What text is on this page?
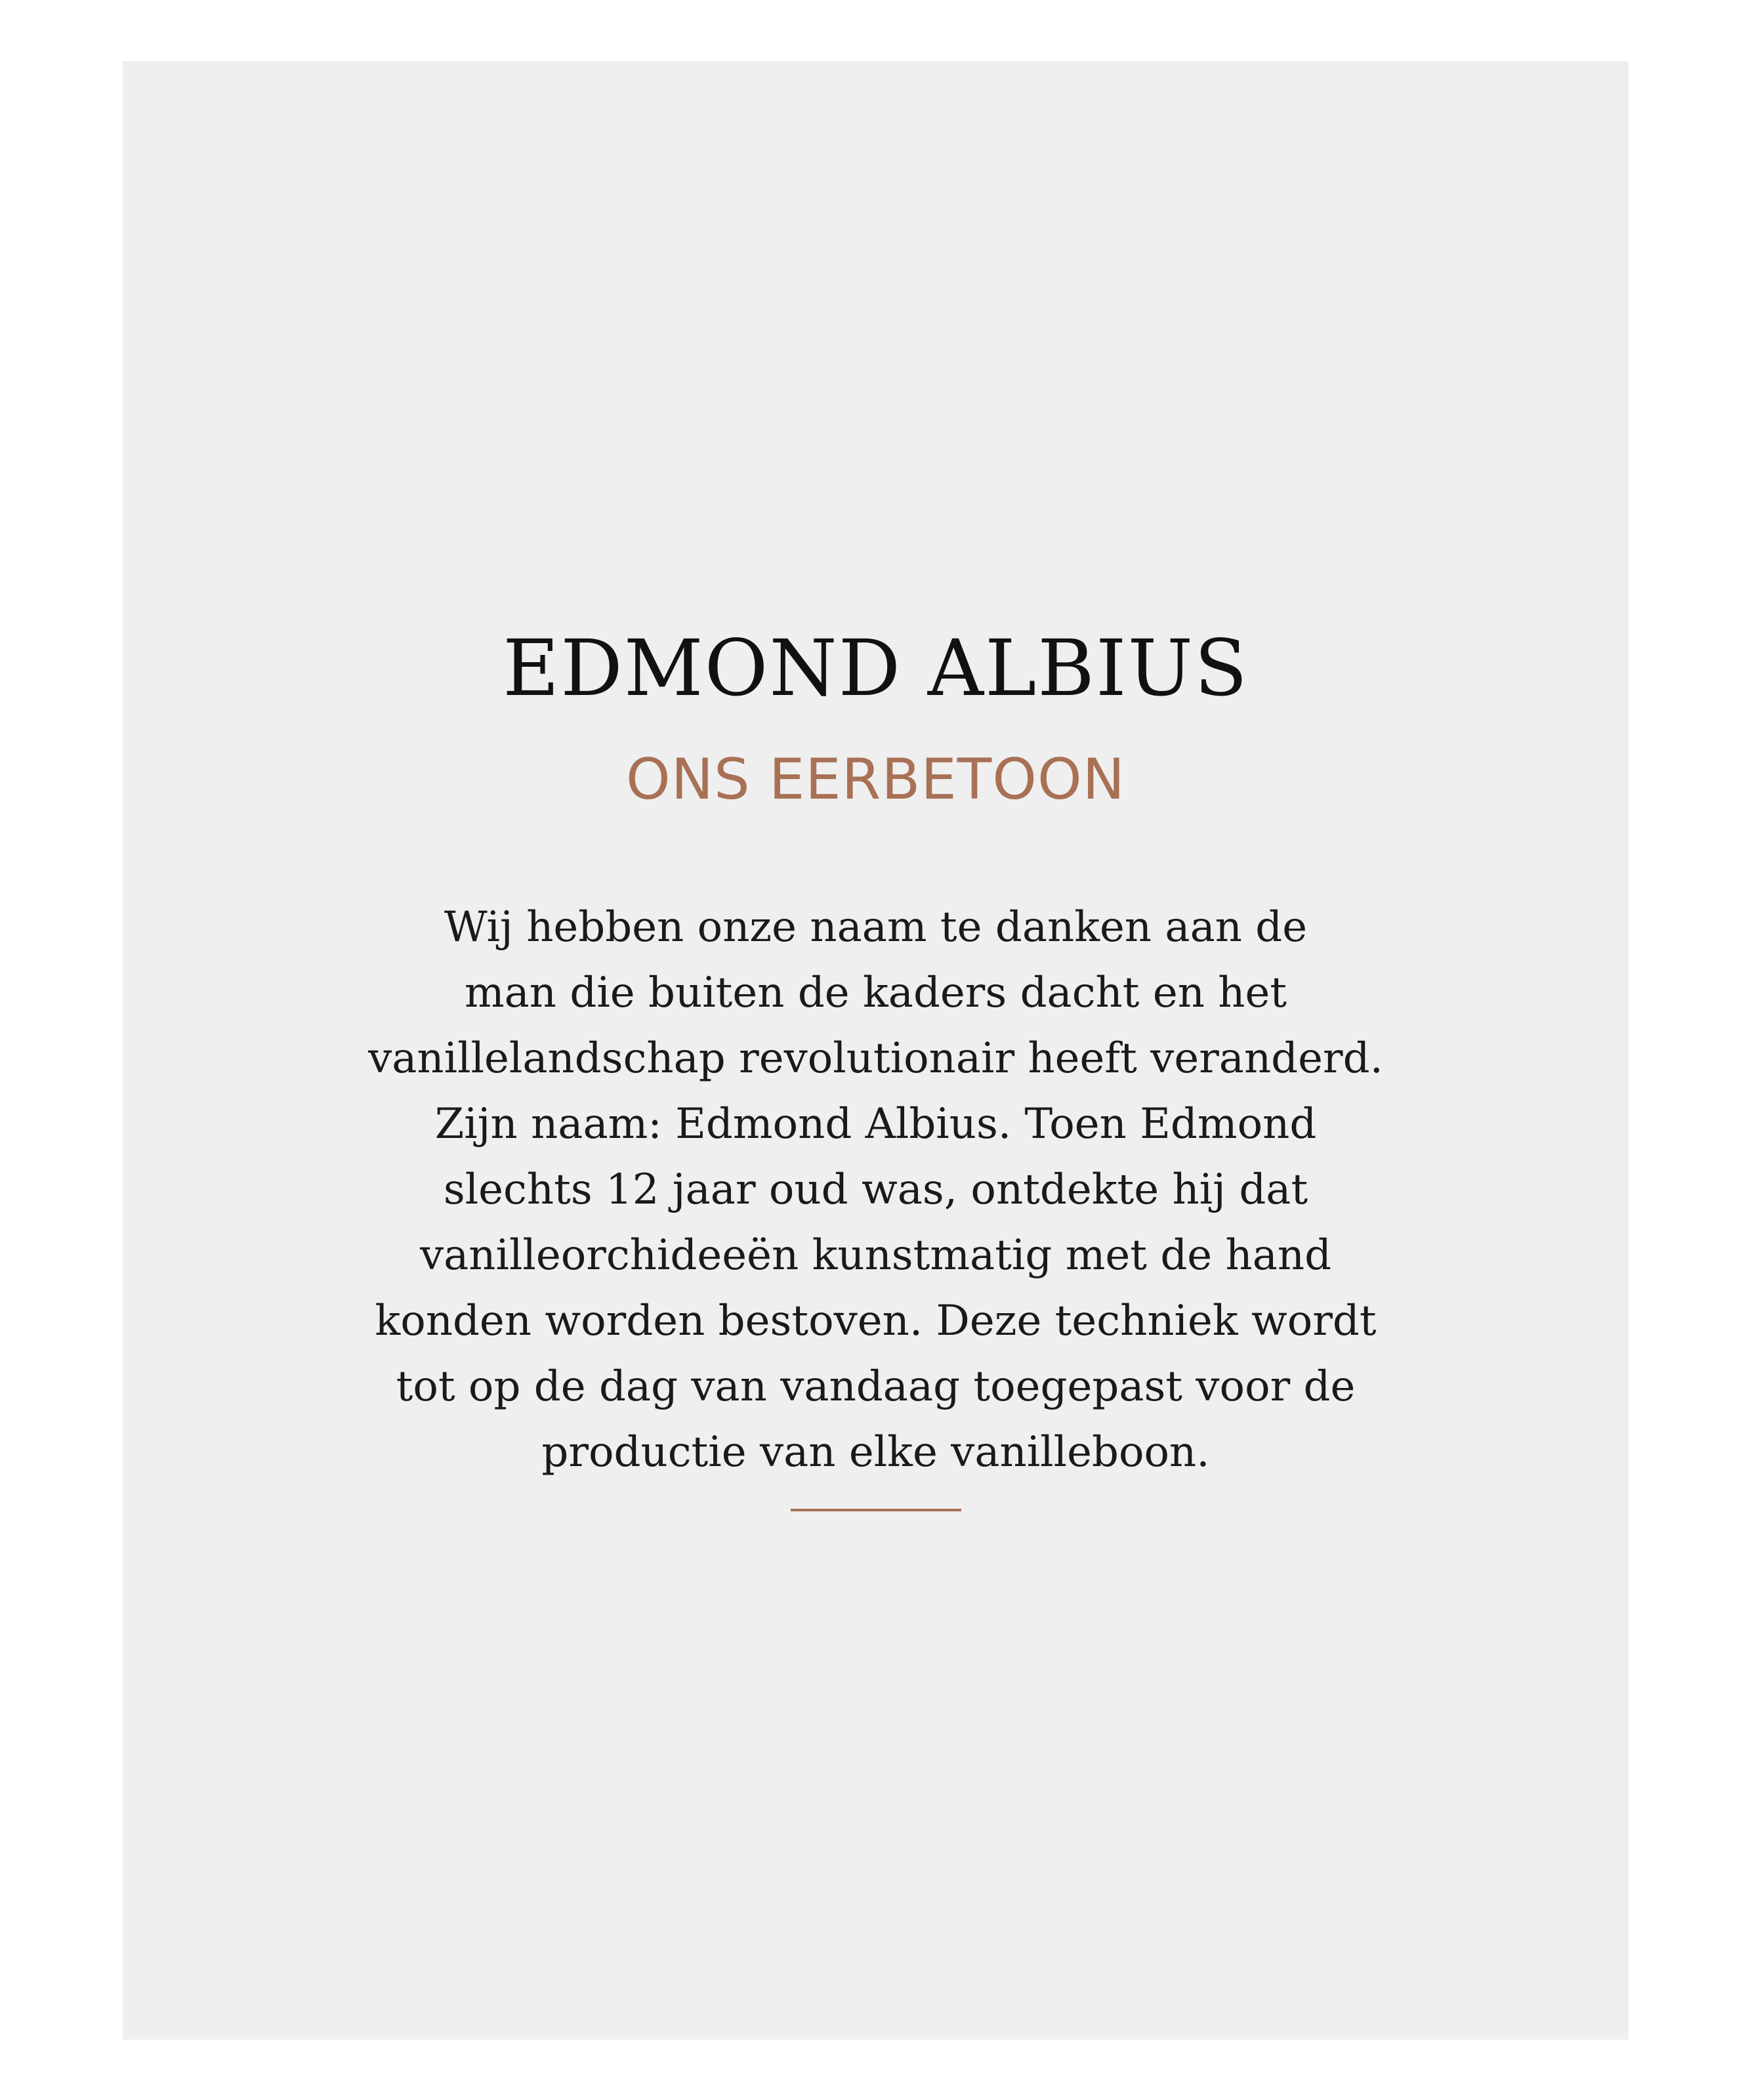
EDMOND ALBIUS
ONS EERBETOON
Wij hebben onze naam te danken aan de
man die buiten de kaders dacht en het
vanillelandschap revolutionair heeft veranderd.
Zijn naam: Edmond Albius. Toen Edmond
slechts 12 jaar oud was, ontdekte hij dat
vanilleorchideeën kunstmatig met de hand
konden worden bestoven. Deze techniek wordt
tot op de dag van vandaag toegepast voor de
productie van elke vanilleboon.
